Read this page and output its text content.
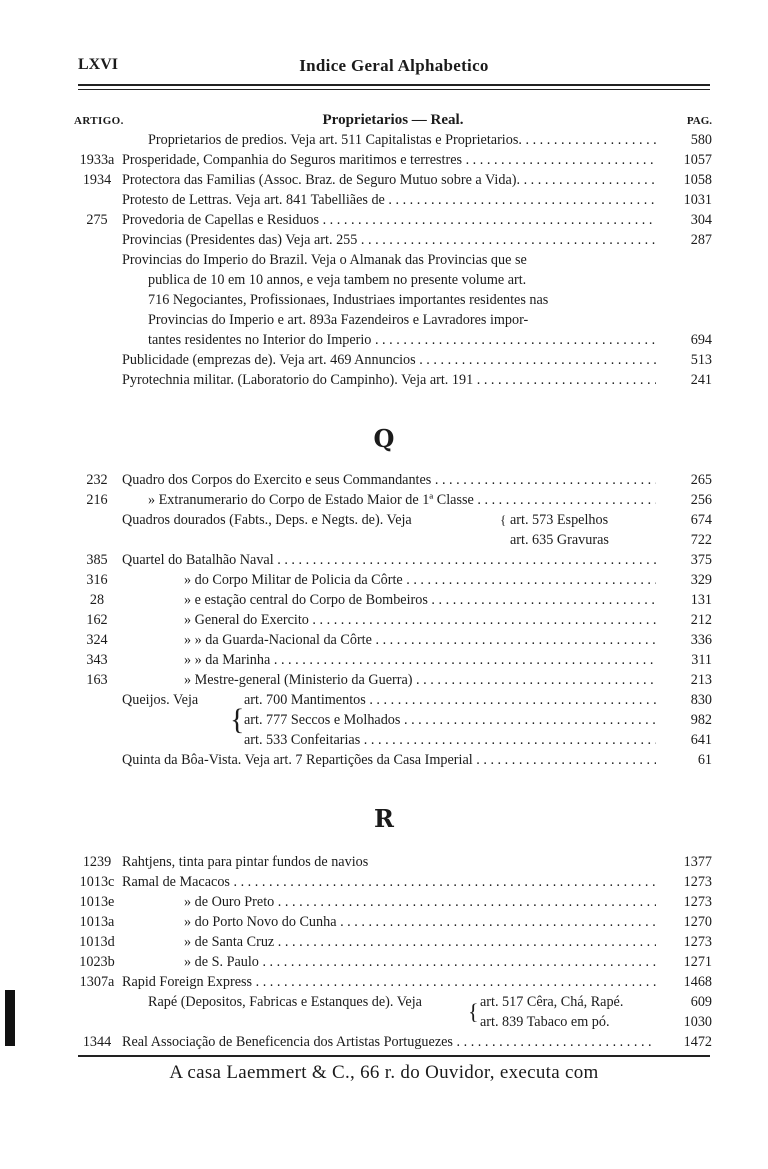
LXVI	Indice Geral Alphabetico
ARTIGO.	Proprietarios — Real.	PAG.
Proprietarios de predios. Veja art. 511 Capitalistas e Proprietarios. . . .	580
1933a Prosperidade, Companhia do Seguros maritimos e terrestres . . .	1057
1934 Protectora das Familias (Assoc. Braz. de Seguro Mutuo sobre a Vida). . . .	1058
Protesto de Lettras. Veja art. 841 Tabelliães de . . .	1031
275	Provedoria de Capellas e Residuos . . .	304
Provincias (Presidentes das) Veja art. 255 . . .	287
Provincias do Imperio do Brazil. Veja o Almanak das Provincias que se
publica de 10 em 10 annos, e veja tambem no presente volume art.
716 Negociantes, Profissionaes, Industriaes importantes residentes nas
Provincias do Imperio e art. 893a Fazendeiros e Lavradores impor-
tantes residentes no Interior do Imperio . . .	694
Publicidade (emprezas de). Veja art. 469 Annuncios . . .	513
Pyrotechnia militar. (Laboratorio do Campinho). Veja art. 191 . . .	241
Q
232	Quadro dos Corpos do Exercito e seus Commandantes . . .	265
216	» Extranumerario do Corpo de Estado Maior de 1ª Classe . . .	256
Quadros dourados (Fabts., Deps. e Negts. de). Veja	{ art. 573 Espelhos	674
art. 635 Gravuras	722
385	Quartel do Batalhão Naval . . .	375
316	» do Corpo Militar de Policia da Côrte . . .	329
28	» e estação central do Corpo de Bombeiros . . .	131
162	» General do Exercito . . .	212
324	» » da Guarda-Nacional da Côrte . . .	336
343	» » da Marinha . . .	311
163	» Mestre-general (Ministerio da Guerra) . . .	213
Queijos. Veja
{
art. 700 Mantimentos . . .	830
art. 777 Seccos e Molhados . . .	982
art. 533 Confeitarias . . .	641
Quinta da Bôa-Vista. Veja art. 7 Repartições da Casa Imperial . . .	61
R
1239 Rahtjens, tinta para pintar fundos de navios	1377
1013c Ramal de Macacos . . .	1273
1013e	» de Ouro Preto . . .	1273
1013a	» do Porto Novo do Cunha . . .	1270
1013d	» de Santa Cruz . . .	1273
1023b	» de S. Paulo . . .	1271
1307a Rapid Foreign Express . . .	1468
Rapé (Depositos, Fabricas e Estanques de). Veja	{ art. 517 Cêra, Chá, Rapé.	609
art. 839 Tabaco em pó.	1030
1344 Real Associação de Beneficencia dos Artistas Portuguezes . . .	1472
A casa Laemmert & C., 66 r. do Ouvidor, executa com
